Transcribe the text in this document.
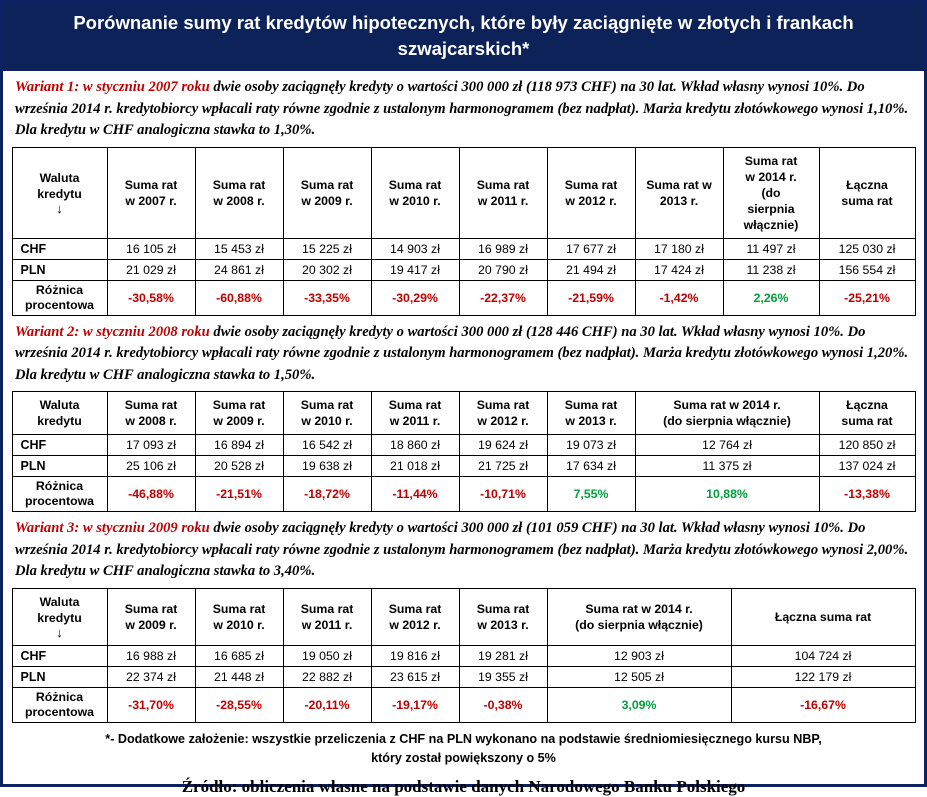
Porównanie sumy rat kredytów hipotecznych, które były zaciągnięte w złotych i frankach szwajcarskich*
Wariant 1: w styczniu 2007 roku dwie osoby zaciągnęły kredyty o wartości 300 000 zł (118 973 CHF) na 30 lat. Wkład własny wynosi 10%. Do września 2014 r. kredytobiorcy wpłacali raty równe zgodnie z ustalonym harmonogramem (bez nadpłat). Marża kredytu złotówkowego wynosi 1,10%. Dla kredytu w CHF analogiczna stawka to 1,30%.
Waluta
kredytu
↓

Suma rat
w 2007 r.

Suma rat
w 2008 r.

Suma rat
w 2009 r.

Suma rat
w 2010 r.

Suma rat
w 2011 r.

Suma rat
w 2012 r.

Suma rat w
2013 r.

Suma rat
w 2014 r.
(do
sierpnia
włącznie)

Łączna
suma rat

CHF	16 105 zł	15 453 zł	15 225 zł	14 903 zł	16 989 zł	17 677 zł	17 180 zł	11 497 zł	125 030 zł
PLN	21 029 zł	24 861 zł	20 302 zł	19 417 zł	20 790 zł	21 494 zł	17 424 zł	11 238 zł	156 554 zł

Różnica
procentowa	-30,58%	-60,88%	-33,35%	-30,29%	-22,37%	-21,59%	-1,42%	2,26%	-25,21%
Wariant 2: w styczniu 2008 roku dwie osoby zaciągnęły kredyty o wartości 300 000 zł (128 446 CHF) na 30 lat. Wkład własny wynosi 10%. Do września 2014 r. kredytobiorcy wpłacali raty równe zgodnie z ustalonym harmonogramem (bez nadpłat). Marża kredytu złotówkowego wynosi 1,20%. Dla kredytu w CHF analogiczna stawka to 1,50%.
Waluta
kredytu

Suma rat
w 2008 r.

Suma rat
w 2009 r.

Suma rat
w 2010 r.

Suma rat
w 2011 r.

Suma rat
w 2012 r.

Suma rat
w 2013 r.

Suma rat w 2014 r.
(do sierpnia włącznie)

Łączna
suma rat

CHF	17 093 zł	16 894 zł	16 542 zł	18 860 zł	19 624 zł	19 073 zł	12 764 zł	120 850 zł
PLN	25 106 zł	20 528 zł	19 638 zł	21 018 zł	21 725 zł	17 634 zł	11 375 zł	137 024 zł

Różnica
procentowa	-46,88%	-21,51%	-18,72%	-11,44%	-10,71%	7,55%	10,88%	-13,38%
Wariant 3: w styczniu 2009 roku dwie osoby zaciągnęły kredyty o wartości 300 000 zł (101 059 CHF) na 30 lat. Wkład własny wynosi 10%. Do września 2014 r. kredytobiorcy wpłacali raty równe zgodnie z ustalonym harmonogramem (bez nadpłat). Marża kredytu złotówkowego wynosi 2,00%. Dla kredytu w CHF analogiczna stawka to 3,40%.
Waluta
kredytu
↓

Suma rat
w 2009 r.

Suma rat
w 2010 r.

Suma rat
w 2011 r.

Suma rat
w 2012 r.

Suma rat
w 2013 r.

Suma rat w 2014 r.
(do sierpnia włącznie)

Łączna suma rat

CHF	16 988 zł	16 685 zł	19 050 zł	19 816 zł	19 281 zł	12 903 zł	104 724 zł
PLN	22 374 zł	21 448 zł	22 882 zł	23 615 zł	19 355 zł	12 505 zł	122 179 zł

Różnica
procentowa	-31,70%	-28,55%	-20,11%	-19,17%	-0,38%	3,09%	-16,67%
*- Dodatkowe założenie: wszystkie przeliczenia z CHF na PLN wykonano na podstawie średniomiesięcznego kursu NBP,
który został powiększony o 5%
Źródło: obliczenia własne na podstawie danych Narodowego Banku Polskiego
